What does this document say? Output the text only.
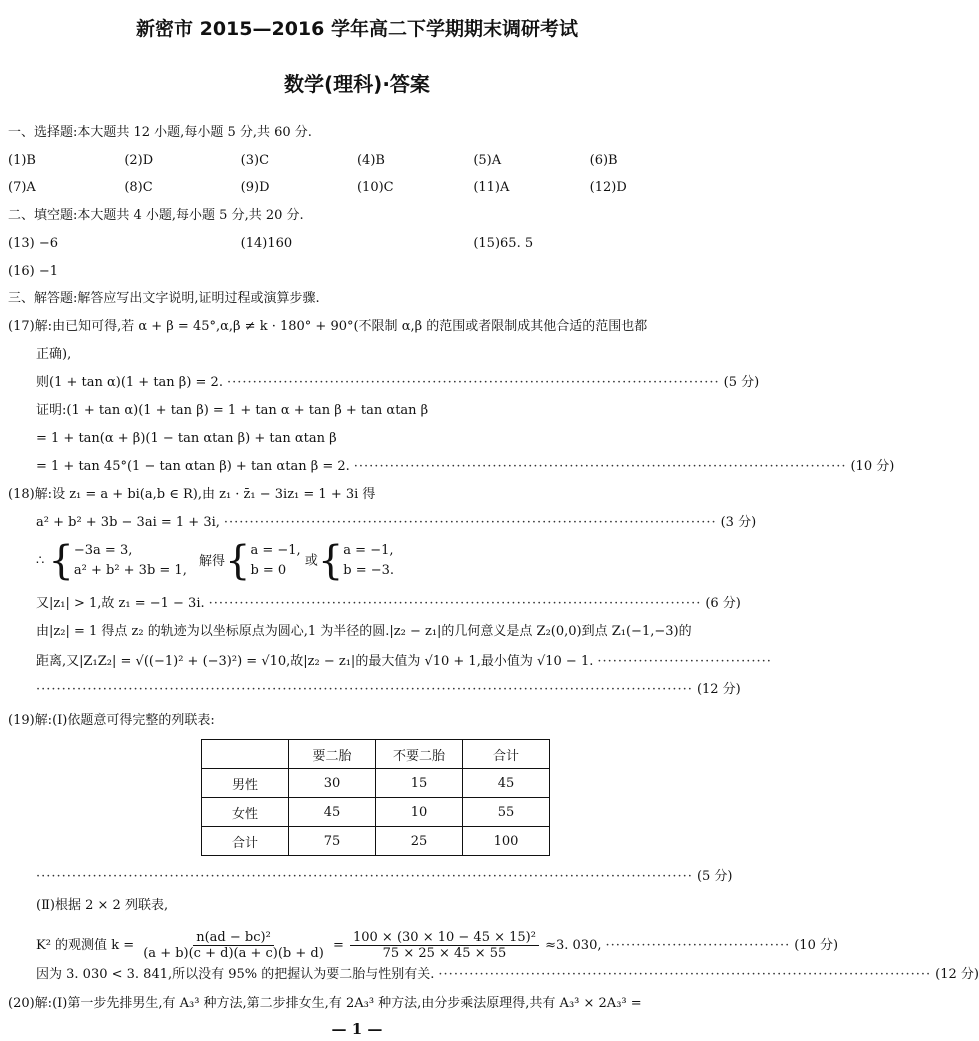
新密市 2015—2016 学年高二下学期期末调研考试
数学(理科)·答案
一、选择题:本大题共 12 小题,每小题 5 分,共 60 分.
(1)B	(2)D	(3)C	(4)B	(5)A	(6)B
(7)A	(8)C	(9)D	(10)C	(11)A	(12)D
二、填空题:本大题共 4 小题,每小题 5 分,共 20 分.
(13) −6	(14)160	(15)65. 5
(16) −1
三、解答题:解答应写出文字说明,证明过程或演算步骤.
(17)解:由已知可得,若 α + β = 45°,α,β ≠ k · 180° + 90°(不限制 α,β 的范围或者限制成其他合适的范围也都
正确),
则(1 + tan α)(1 + tan β) = 2. ································································································ (5 分)
证明:(1 + tan α)(1 + tan β) = 1 + tan α + tan β + tan αtan β
= 1 + tan(α + β)(1 − tan αtan β) + tan αtan β
= 1 + tan 45°(1 − tan αtan β) + tan αtan β = 2. ································································································ (10 分)
(18)解:设 z₁ = a + bi(a,b ∈ R),由 z₁ · z̄₁ − 3iz₁ = 1 + 3i 得
a² + b² + 3b − 3ai = 1 + 3i, ································································································ (3 分)
∴ {−3a = 3,
a² + b² + 3b = 1, 解得{a = −1,
b = 0 或{a = −1,
b = −3.
又|z₁| > 1,故 z₁ = −1 − 3i. ································································································ (6 分)
由|z₂| = 1 得点 z₂ 的轨迹为以坐标原点为圆心,1 为半径的圆.|z₂ − z₁|的几何意义是点 Z₂(0,0)到点 Z₁(−1,−3)的
距离,又|Z₁Z₂| = √((−1)² + (−3)²) = √10,故|z₂ − z₁|的最大值为 √10 + 1,最小值为 √10 − 1. ··································
································································································································ (12 分)
(19)解:(Ⅰ)依题意可得完整的列联表:
	要二胎	不要二胎	合计
男性	30	15	45
女性	45	10	55
合计	75	25	100
································································································································ (5 分)
(Ⅱ)根据 2 × 2 列联表,
K² 的观测值 $k = \frac{\text{n(ad − bc)²}}{(a + b)(c + d)(a + c)(b + d)} = \frac{\text{100 × (30 × 10 − 45 × 15)²}}{75 \times 25 \times 45 \times 55} \approx 3$. 030, ···································· (10 分)
因为 3. 030 < 3. 841,所以没有 95% 的把握认为要二胎与性别有关. ································································································ (12 分)
(20)解:(Ⅰ)第一步先排男生,有 A₃³ 种方法,第二步排女生,有 2A₃³ 种方法,由分步乘法原理得,共有 A₃³ × 2A₃³ =
— 1 —
